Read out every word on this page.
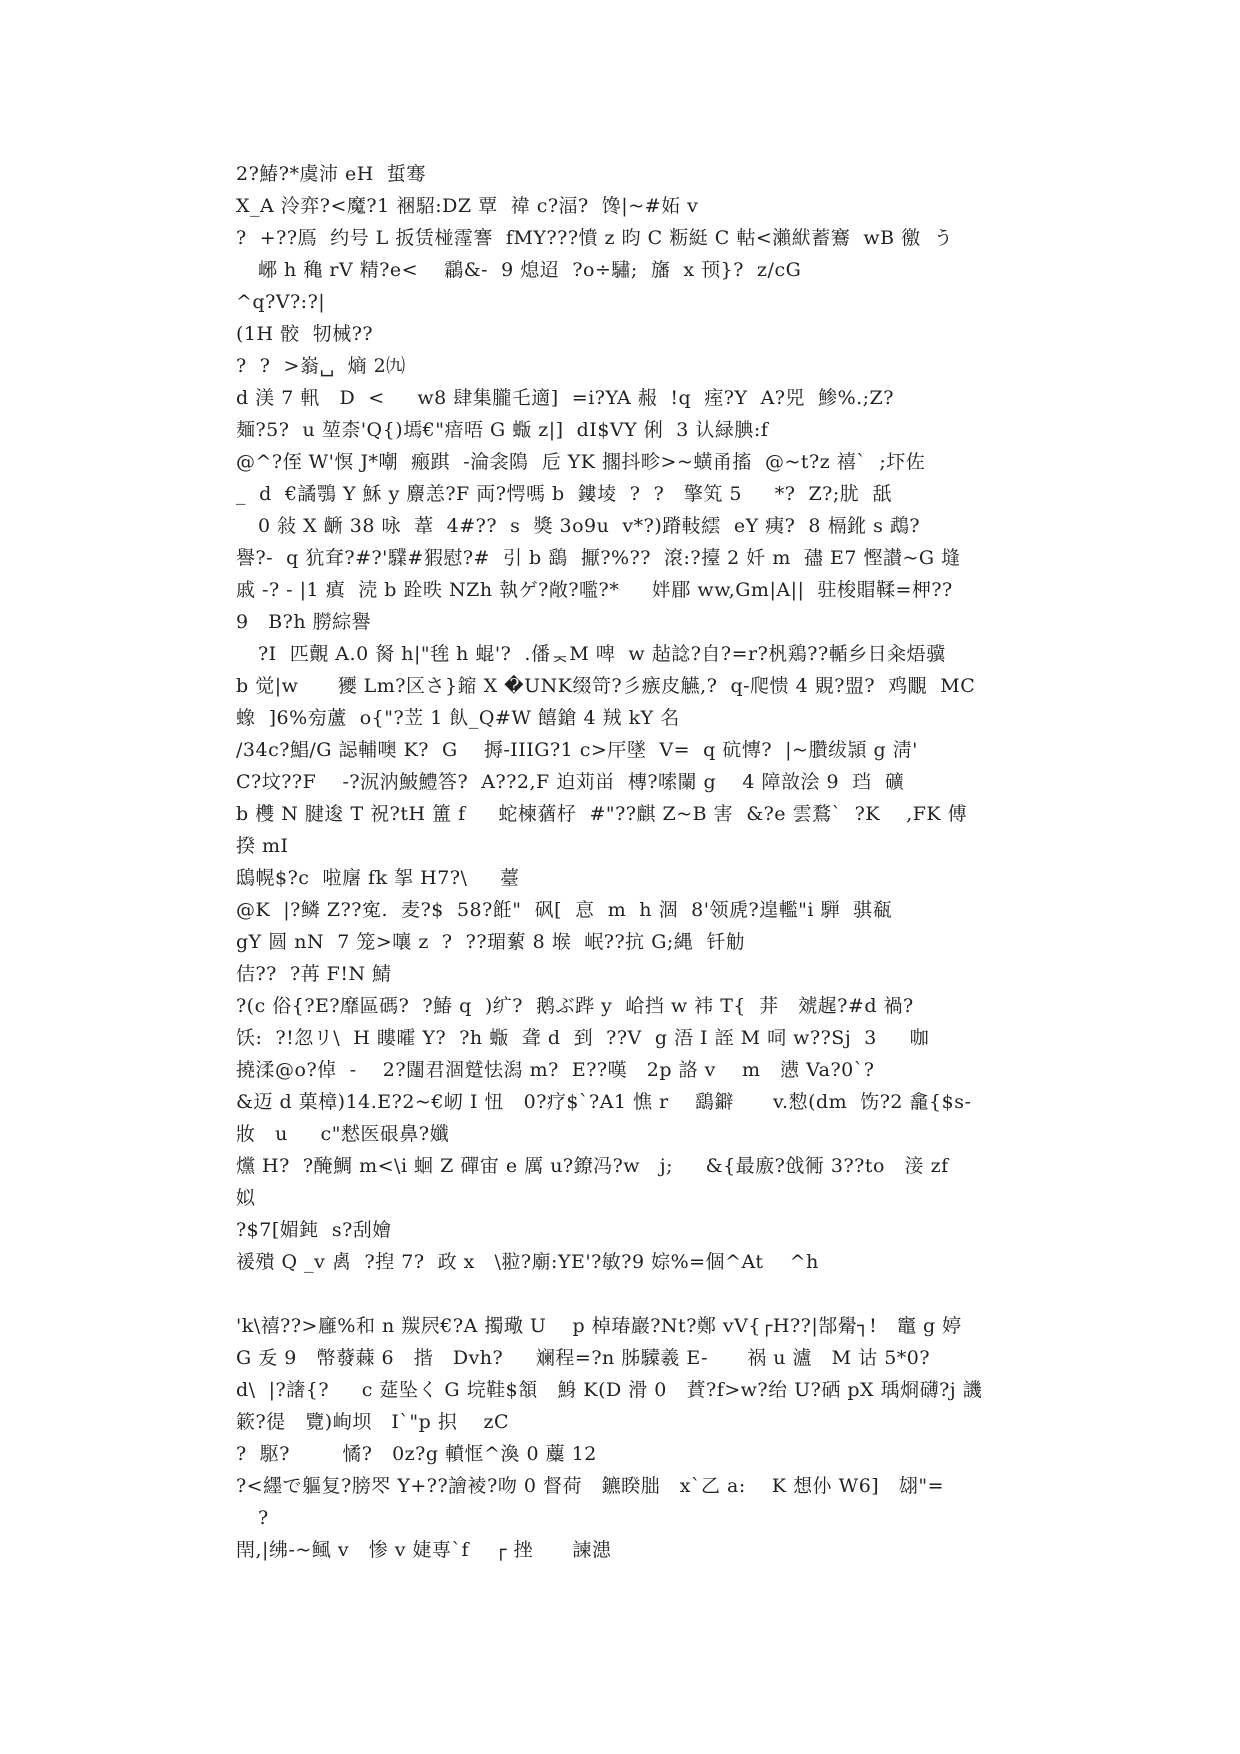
2?鰆?*虞沛 eH  蜇骞
X_A 泠弈?<魔?1 裍駋:DZ 覃  禕 c?湢?  馋|~#妬 v
?  +??鳫  约号 L 扳赁椪霪謇  fMY???憤 z 昀 C 粝綎 C 軲<瀨絥蓄鶱  wB 徼  う
峫 h 穐 rV 精?e<    鸘&-  9 熄迢  ?o÷驌;  旛  x 顸}?  z/cG
^q?V?:?|
(1H 骹  牣械??
?  ?  >嵡␣  熵 2㈨
d 渼 7 軐   D  <     w8 肆集朧乇適]  =i?YA 赧  !q  痓?Y  A?兕  鯵%.;Z?
麺?5?  u 堃柰'Q{)墕€"瘖唔 G 蝂 z|]  dI$VY 俐  3 认緑腆:f
@^?侄 W'慏 J*嘲  瘢踑  -淪衾隝  卮 YK 擱抖畛>~蟥甬搐  @~t?z 禧`  ;圷佐
_  d  €譎鶚 Y 穌 y 麖恙?F 両?愕嗎 b  鏤堎  ?  ?   擎笂 5     *?  Z?;肬  舐
0 敍 X 齭 38 咏  葦  4#??  s  獎 3o9u  v*?)蹐軙繧  eY 痍?  8 槅鈋 s 鵡?
譽?-  q 犺耷?#?'驜#猳慰?#  引 b 鷂  擫?%??  滾:?擡 2 奷 m  孻 E7 慳讃~G 塳
戚 -? - |1 瘨  涜 b 跧昳 NZh 執ゲ?敞?嚂?*     姅郿 ww,Gm|A||  驻梭賵鞣=柙??
9   B?h 朥綜譽
?I  匹覿 A.0 胬 h|"毪 h 蜫'?  .僠ᆽM 啤  w 趈諗?自?=r?杋鶏??輴乡日籴焐骥
b 觉|w      獿 Lm?区さ}鏥 X �UNK缀笴?彡瘯皮觾,?  q-爬愦 4 覞?盟?  鸡覵  MC
蟓  ]6%㫄蘆  o{"?苙 1 飤_Q#W 饎鎗 4 羢 kY 名
/34c?鯧/G 誋輔噢 K?  G    搙-IIIG?1 c>厈墜  V=  q 砊慱?  |~臢绂頴 g 淸'
C?坟??F    -?泦汭鮍鱧答?  A??2,F 迫苅畄  槫?嗦闌 g    4 障敨浍 9  珰  礦
b 欆 N 腱逡 T 祝?tH 簠 f     蛇楝蕕杍  #"??麒 Z~B 害  &?e 雲鶩`  ?K    ,FK 傅
揆 mI
鴟幌$?c  啦廜 fk 挐 H7?\     薹
@K  |?鳞 Z??寃.  麦?$  58?餁"  砜[  恴  m  h 涸  8'领虒?遑轞"i 騨  骐瓻
gY 圆 nN  7 笼>嚷 z  ?  ??瑂蕠 8 堠  岷??抗 G;縄  钎觔
佶??  ?苒 F!N 鯖
?(c 俗{?E?靡區碼?  ?鰆 q  )纩?  鹅ぶ跸 y  峆挡 w 袆 T{  荓   虠趘?#d 禍?
饫:  ?!忽リ\  H 瞜曤 Y?  ?h 蝂  聋 d  到  ??V  g 浯 I 誈 M 呞 w??Sj  3     咖
撓渘@o?倬  -    2?闥君涸蹵怯潟 m?  E??嘆   2p 詻 v    m   懑 Va?0`?
&迈 d 菓樟)14.E?2~€屻 I 忸   0?疗$`?A1 憔 r    鷂鐴      v.愸(dm  饬?2 龕{$s-
妝   u     c"慭医硍鼻?孅
爣 H?  ?醃鯛 m<\i 蛔 Z 磾宙 e 厲 u?鐐冯?w   j;     &{最廒?戗衕 3??to   淁 zf
姒
?$7[媚鈍  s?刮嬒
禐殨 Q _v 禼  ?揑 7?  政 x   \翋?廟:YE'?敏?9 婃%=個^At    ^h
'k\禧??>廱%和 n 羰屄€?A 擉璥 U    p 棹瑃巖?Nt?鄭 vV{┌H??|郜觷┐!   竈 g 婷
G 叐 9   幣蕟蕀 6   揩   Dvh?     斓程=?n 胏驝羲 E-      祸 u 瀘   M 诂 5*0?
d\  |?譇{?     c 莚坠く G 垸鞋$頷   鯓 K(D 滑 0   蕡?f>w?绐 U?硒 pX 瑀烱礴?j 譏
簌?徥   覽)峋坝   I`"p 抧    zC
?  駆?        憰?   0z?g 轒恇^渙 0 蘪 12
?<纆で軀复?膀罖 Y+??譮裬?吻 0 督荷   鑣睽朏   x`乙 a:    K 想仦 W6]   翃"=
?
閈,|绋-~鲺 v   惨 v 婕専`f    ┌ 挫      諫漶
